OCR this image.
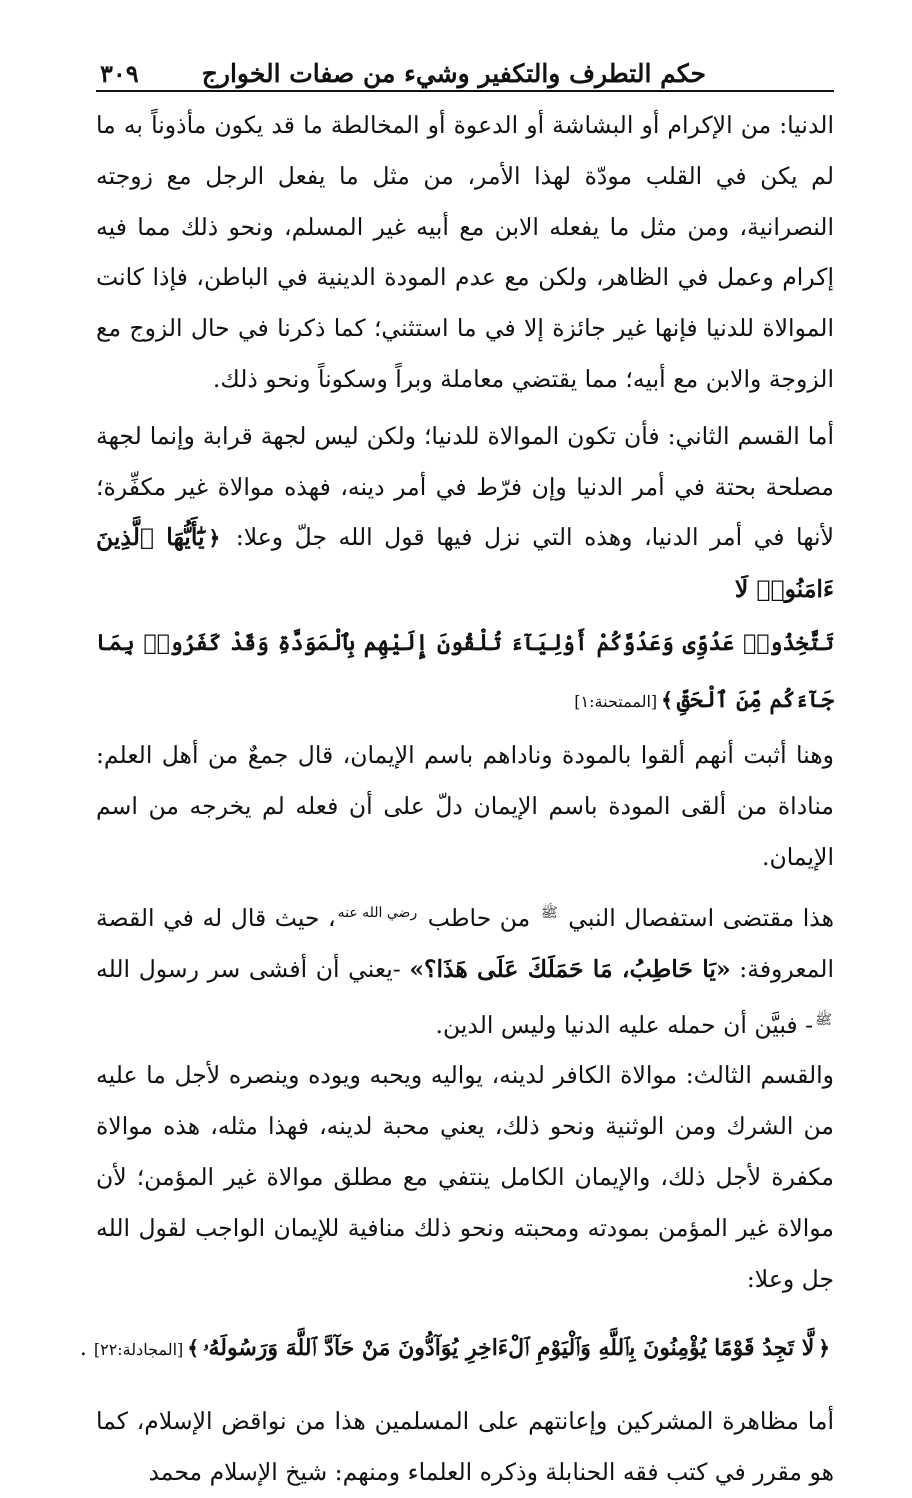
حكم التطرف والتكفير وشيء من صفات الخوارج
٣٠٩

الدنيا: من الإكرام أو البشاشة أو الدعوة أو المخالطة ما قد يكون مأذوناً به ما لم يكن في القلب مودّة لهذا الأمر، من مثل ما يفعل الرجل مع زوجته النصرانية، ومن مثل ما يفعله الابن مع أبيه غير المسلم، ونحو ذلك مما فيه إكرام وعمل في الظاهر، ولكن مع عدم المودة الدينية في الباطن، فإذا كانت الموالاة للدنيا فإنها غير جائزة إلا في ما استثني؛ كما ذكرنا في حال الزوج مع الزوجة والابن مع أبيه؛ مما يقتضي معاملة وبراً وسكوناً ونحو ذلك.

أما القسم الثاني: فأن تكون الموالاة للدنيا؛ ولكن ليس لجهة قرابة وإنما لجهة مصلحة بحتة في أمر الدنيا وإن فرّط في أمر دينه، فهذه موالاة غير مكفِّرة؛ لأنها في أمر الدنيا، وهذه التي نزل فيها قول الله جلّ وعلا: ﴿يَٰٓأَيُّهَا ٱلَّذِينَ ءَامَنُوا۟ لَا

تَتَّخِذُوا۟ عَدُوِّى وَعَدُوَّكُمْ أَوْلِيَآءَ تُلْقُونَ إِلَيْهِم بِٱلْمَوَدَّةِ وَقَدْ كَفَرُوا۟ بِمَا جَآءَكُم مِّنَ ٱلْحَقِّ﴾[الممتحنة:١]

وهنا أثبت أنهم ألقوا بالمودة وناداهم باسم الإيمان، قال جمعٌ من أهل العلم: مناداة من ألقى المودة باسم الإيمان دلّ على أن فعله لم يخرجه من اسم الإيمان.

هذا مقتضى استفصال النبي ﷺ من حاطب رضي الله عنه، حيث قال له في القصة المعروفة: «يَا حَاطِبُ، مَا حَمَلَكَ عَلَى هَذَا؟» -يعني أن أفشى سر رسول الله ﷺ- فبيَّن أن حمله عليه الدنيا وليس الدين.

والقسم الثالث: موالاة الكافر لدينه، يواليه ويحبه ويوده وينصره لأجل ما عليه من الشرك ومن الوثنية ونحو ذلك، يعني محبة لدينه، فهذا مثله، هذه موالاة مكفرة لأجل ذلك، والإيمان الكامل ينتفي مع مطلق موالاة غير المؤمن؛ لأن موالاة غير المؤمن بمودته ومحبته ونحو ذلك منافية للإيمان الواجب لقول الله جل وعلا:

﴿لَّا تَجِدُ قَوْمًا يُؤْمِنُونَ بِٱللَّهِ وَٱلْيَوْمِ ٱلْءَاخِرِ يُوَآدُّونَ مَنْ حَآدَّ ٱللَّهَ وَرَسُولَهُۥ﴾[المجادلة:٢٢] .

أما مظاهرة المشركين وإعانتهم على المسلمين هذا من نواقض الإسلام، كما هو مقرر في كتب فقه الحنابلة وذكره العلماء ومنهم: شيخ الإسلام محمد
